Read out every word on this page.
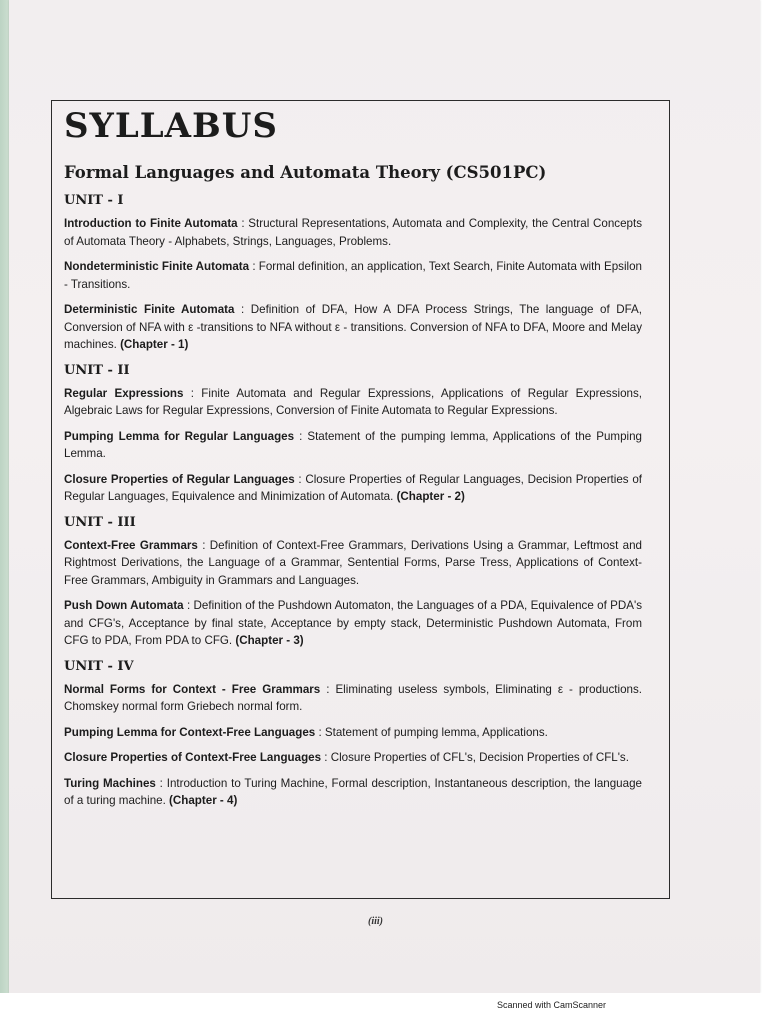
SYLLABUS
Formal Languages and Automata Theory (CS501PC)
UNIT - I

Introduction to Finite Automata : Structural Representations, Automata and Complexity, the Central Concepts of Automata Theory - Alphabets, Strings, Languages, Problems.

Nondeterministic Finite Automata : Formal definition, an application, Text Search, Finite Automata with Epsilon - Transitions.

Deterministic Finite Automata : Definition of DFA, How A DFA Process Strings, The language of DFA, Conversion of NFA with ε -transitions to NFA without ε - transitions. Conversion of NFA to DFA, Moore and Melay machines. (Chapter - 1)

UNIT - II

Regular Expressions : Finite Automata and Regular Expressions, Applications of Regular Expressions, Algebraic Laws for Regular Expressions, Conversion of Finite Automata to Regular Expressions.

Pumping Lemma for Regular Languages : Statement of the pumping lemma, Applications of the Pumping Lemma.

Closure Properties of Regular Languages : Closure Properties of Regular Languages, Decision Properties of Regular Languages, Equivalence and Minimization of Automata. (Chapter - 2)

UNIT - III

Context-Free Grammars : Definition of Context-Free Grammars, Derivations Using a Grammar, Leftmost and Rightmost Derivations, the Language of a Grammar, Sentential Forms, Parse Tress, Applications of Context-Free Grammars, Ambiguity in Grammars and Languages.

Push Down Automata : Definition of the Pushdown Automaton, the Languages of a PDA, Equivalence of PDA's and CFG's, Acceptance by final state, Acceptance by empty stack, Deterministic Pushdown Automata, From CFG to PDA, From PDA to CFG. (Chapter - 3)

UNIT - IV

Normal Forms for Context - Free Grammars : Eliminating useless symbols, Eliminating ε - productions. Chomskey normal form Griebech normal form.

Pumping Lemma for Context-Free Languages : Statement of pumping lemma, Applications.

Closure Properties of Context-Free Languages : Closure Properties of CFL's, Decision Properties of CFL's.

Turing Machines : Introduction to Turing Machine, Formal description, Instantaneous description, the language of a turing machine. (Chapter - 4)

(iii)
Scanned with CamScanner
